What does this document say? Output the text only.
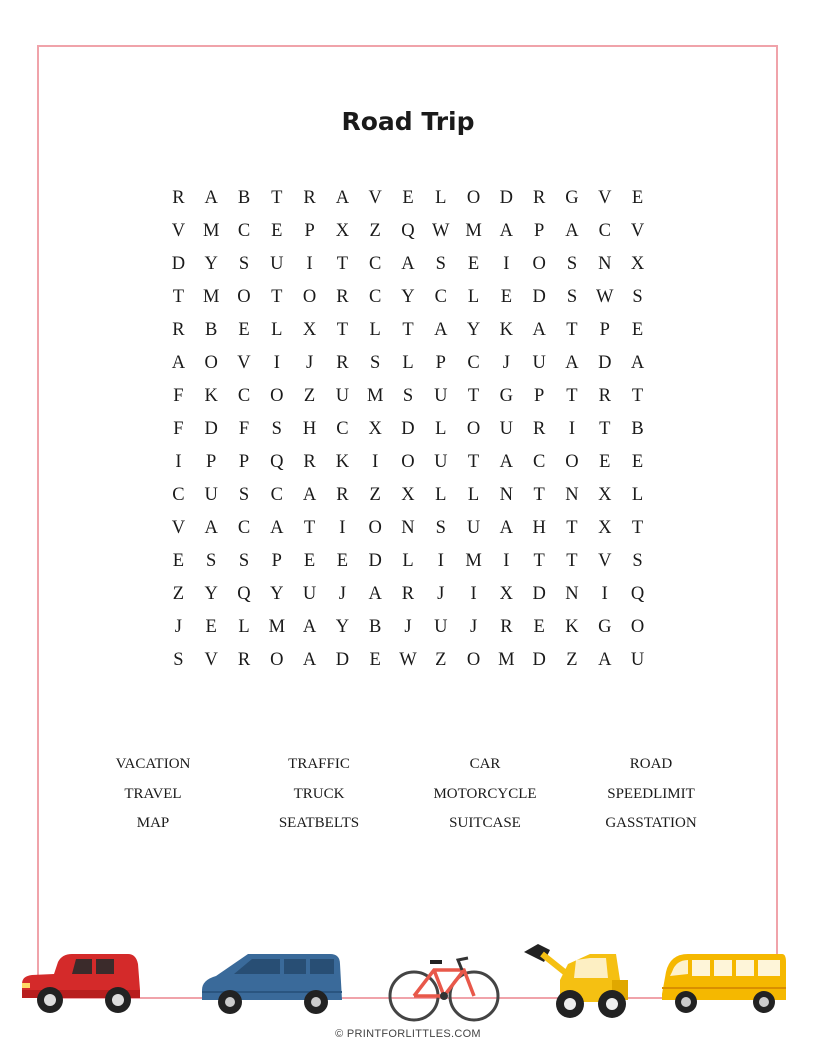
Road Trip
R	A	B	T	R	A	V	E	L	O	D	R	G	V	E
V M C	E	P	X	Z	Q W M A	P	A	C	V
D	Y	S	U	I	T	C	A	S	E	I	O	S	N	X
T	M O	T	O	R	C	Y	C	L	E	D	S	W	S
R	B	E	L	X	T	L	T	A	Y	K	A	T	P	E
A	O	V	I	J	R	S	L	P	C	J	U	A	D	A
F	K	C	O	Z	U M	S	U	T	G	P	T	R	T
F	D	F	S	H	C	X	D	L	O	U	R	I	T	B
I	P	P	Q	R	K	I	O	U	T	A	C	O	E	E
C	U	S	C	A	R	Z	X	L	L	N	T	N	X	L
V	A	C	A	T	I	O	N	S	U	A	H	T	X	T
E	S	S	P	E	E	D	L	I	M	I	T	T	V	S
Z	Y	Q	Y	U	J	A	R	J	I	X	D	N	I	Q
J	E	L	M A	Y	B	J	U	J	R	E	K	G	O
S	V	R	O	A	D	E W Z	O M D	Z	A	U
VACATION	TRAFFIC	CAR	ROAD
TRAVEL	TRUCK	MOTORCYCLE	SPEEDLIMIT
MAP	SEATBELTS	SUITCASE	GASSTATION
© PRINTFORLITTLES.COM
